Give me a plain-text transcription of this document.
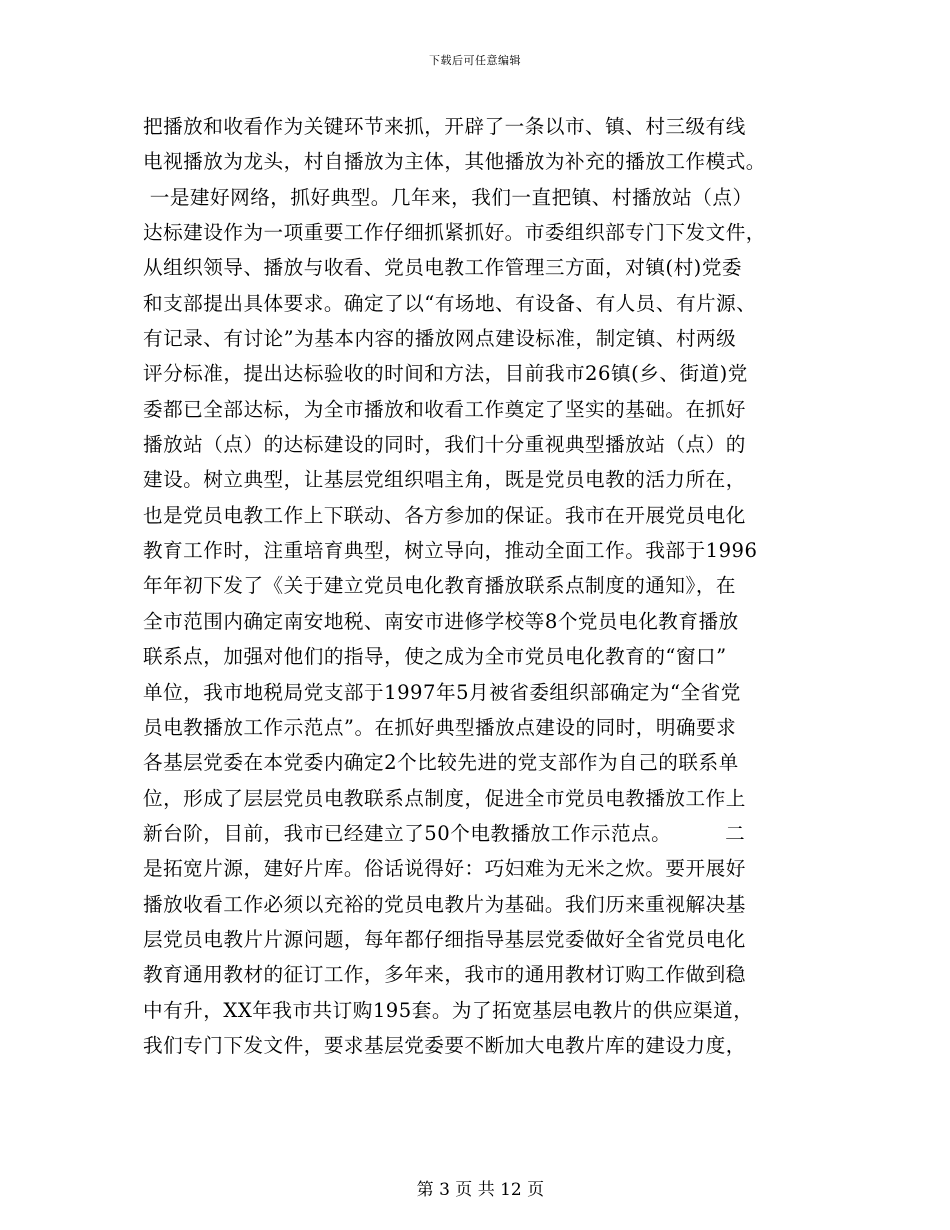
下载后可任意编辑
把播放和收看作为关键环节来抓，开辟了一条以市、镇、村三级有线
电视播放为龙头，村自播放为主体，其他播放为补充的播放工作模式。
一是建好网络，抓好典型。几年来，我们一直把镇、村播放站（点）
达标建设作为一项重要工作仔细抓紧抓好。市委组织部专门下发文件，
从组织领导、播放与收看、党员电教工作管理三方面，对镇(村)党委
和支部提出具体要求。确定了以“有场地、有设备、有人员、有片源、
有记录、有讨论”为基本内容的播放网点建设标准，制定镇、村两级
评分标准，提出达标验收的时间和方法，目前我市26镇(乡、街道)党
委都已全部达标，为全市播放和收看工作奠定了坚实的基础。在抓好
播放站（点）的达标建设的同时，我们十分重视典型播放站（点）的
建设。树立典型，让基层党组织唱主角，既是党员电教的活力所在，
也是党员电教工作上下联动、各方参加的保证。我市在开展党员电化
教育工作时，注重培育典型，树立导向，推动全面工作。我部于1996
年年初下发了《关于建立党员电化教育播放联系点制度的通知》，在
全市范围内确定南安地税、南安市进修学校等8个党员电化教育播放
联系点，加强对他们的指导，使之成为全市党员电化教育的“窗口”
单位，我市地税局党支部于1997年5月被省委组织部确定为“全省党
员电教播放工作示范点”。在抓好典型播放点建设的同时，明确要求
各基层党委在本党委内确定2个比较先进的党支部作为自己的联系单
位，形成了层层党员电教联系点制度，促进全市党员电教播放工作上
新台阶，目前，我市已经建立了50个电教播放工作示范点。        二
是拓宽片源，建好片库。俗话说得好：巧妇难为无米之炊。要开展好
播放收看工作必须以充裕的党员电教片为基础。我们历来重视解决基
层党员电教片片源问题，每年都仔细指导基层党委做好全省党员电化
教育通用教材的征订工作，多年来，我市的通用教材订购工作做到稳
中有升，XX年我市共订购195套。为了拓宽基层电教片的供应渠道，
我们专门下发文件，要求基层党委要不断加大电教片库的建设力度，

第 3 页 共 12 页
